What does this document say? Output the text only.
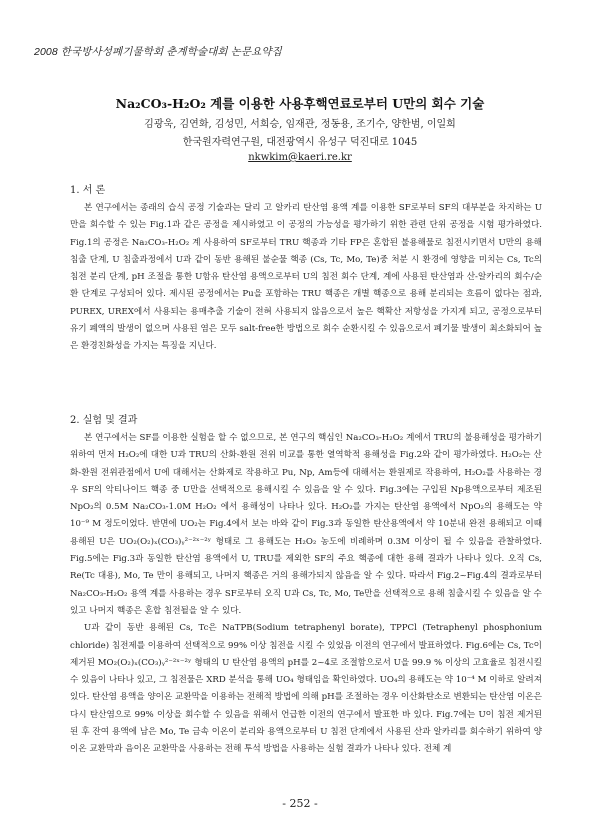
2008 한국방사성폐기물학회 춘계학술대회 논문요약집
Na₂CO₃-H₂O₂ 계를 이용한 사용후핵연료로부터 U만의 회수 기술
김광욱, 김연화, 김성민, 서희승, 임재관, 정동용, 조기수, 양한범, 이일희
한국원자력연구원, 대전광역시 유성구 덕진대로 1045
nkwkim@kaeri.re.kr
1. 서 론

본 연구에서는 종래의 습식 공정 기술과는 달리 고 알카리 탄산염 용액 계를 이용한 SF로부터 SF의 대부분을 차지하는 U만을 회수할 수 있는 Fig.1과 같은 공정을 제시하였고 이 공정의 가능성을 평가하기 위한 관련 단위 공정을 시험 평가하였다. Fig.1의 공정은 Na₂CO₃-H₂O₂ 계 사용하여 SF로부터 TRU 핵종과 기타 FP은 혼합된 불용해물로 침전시키면서 U만의 용해 침출 단계, U 침출과정에서 U과 같이 동반 용해된 불순물 핵종 (Cs, Tc, Mo, Te)중 처분 시 환경에 영향을 미치는 Cs, Tc의 침전 분리 단계, pH 조절을 통한 U함유 탄산염 용액으로부터 U의 침전 회수 단계, 계에 사용된 탄산염과 산-알카리의 회수/순환 단계로 구성되어 있다. 제시된 공정에서는 Pu을 포함하는 TRU 핵종은 개별 핵종으로 용해 분리되는 흐름이 없다는 점과, PUREX, UREX에서 사용되는 용매추출 기술이 전혀 사용되지 않음으로서 높은 핵확산 저항성을 가지게 되고, 공정으로부터 유기 폐액의 발생이 없으며 사용된 염은 모두 salt-free한 방법으로 회수 순환시킬 수 있음으로서 폐기물 발생이 최소화되어 높은 환경친화성을 가지는 특징을 지닌다.

2. 실험 및 결과

본 연구에서는 SF를 이용한 실험을 할 수 없으므로, 본 연구의 핵심인 Na₂CO₃-H₂O₂ 계에서 TRU의 불용해성을 평가하기 위하여 먼저 H₂O₂에 대한 U과 TRU의 산화-환원 전위 비교를 통한 열역학적 용해성을 Fig.2와 같이 평가하였다. H₂O₂는 산화-환원 전위관점에서 U에 대해서는 산화제로 작용하고 Pu, Np, Am등에 대해서는 환원제로 작용하여, H₂O₂를 사용하는 경우 SF의 악티나이드 핵종 중 U만을 선택적으로 용해시킬 수 있음을 알 수 있다. Fig.3에는 구입된 Np용액으로부터 제조된 NpO₂의 0.5M Na₂CO₃-1.0M H₂O₂ 에서 용해성이 나타나 있다. H₂O₂를 가지는 탄산염 용액에서 NpO₂의 용해도는 약 10⁻⁹ M 정도이었다. 반면에 UO₂는 Fig.4에서 보는 바와 같이 Fig.3과 동일한 탄산용액에서 약 10분내 완전 용해되고 이때 용해된 U은 UO₂(O₂)ₓ(CO₃)ᵧ²⁻²ˣ⁻²ʸ 형태로 그 용해도는 H₂O₂ 농도에 비례하며 0.3M 이상이 될 수 있음을 관찰하였다. Fig.5에는 Fig.3과 동일한 탄산염 용액에서 U, TRU를 제외한 SF의 주요 핵종에 대한 용해 결과가 나타나 있다. 오직 Cs, Re(Tc 대용), Mo, Te 만이 용해되고, 나머지 핵종은 거의 용해가되지 않음을 알 수 있다. 따라서 Fig.2~Fig.4의 결과로부터 Na₂CO₃-H₂O₂ 용액 계를 사용하는 경우 SF로부터 오직 U과 Cs, Tc, Mo, Te만을 선택적으로 용해 침출시킬 수 있음을 알 수 있고 나머지 핵종은 혼합 침전될을 알 수 있다.

U과 같이 동반 용해된 Cs, Tc은 NaTPB(Sodium tetraphenyl borate), TPPCl (Tetraphenyl phosphonium chloride) 침전제를 이용하여 선택적으로 99% 이상 침전을 시킬 수 있었음 이전의 연구에서 발표하였다. Fig.6에는 Cs, Tc이 제거된 MO₂(O₂)ₓ(CO₃)ᵧ²⁻²ˣ⁻²ʸ 형태의 U 탄산염 용액의 pH를 2~4로 조절함으로서 U을 99.9 % 이상의 고효율로 침전시킬 수 있음이 나타나 있고, 그 침전물은 XRD 분석을 통해 UO₄ 형태임을 확인하였다. UO₄의 용해도는 약 10⁻⁴ M 이하로 알려져 있다. 탄산염 용액을 양이온 교환막을 이용하는 전해적 방법에 의해 pH를 조절하는 경우 이산화탄소로 변환되는 탄산염 이온은 다시 탄산염으로 99% 이상을 회수할 수 있음을 위해서 언급한 이전의 연구에서 발표한 바 있다. Fig.7에는 U이 침전 제거된 된 후 잔여 용액에 남은 Mo, Te 금속 이온이 분리와 용액으로부터 U 침전 단계에서 사용된 산과 알카리를 회수하기 위하여 양이온 교환막과 음이온 교환막을 사용하는 전해 투석 방법을 사용하는 실험 결과가 나타나 있다. 전체 계

- 252 -
